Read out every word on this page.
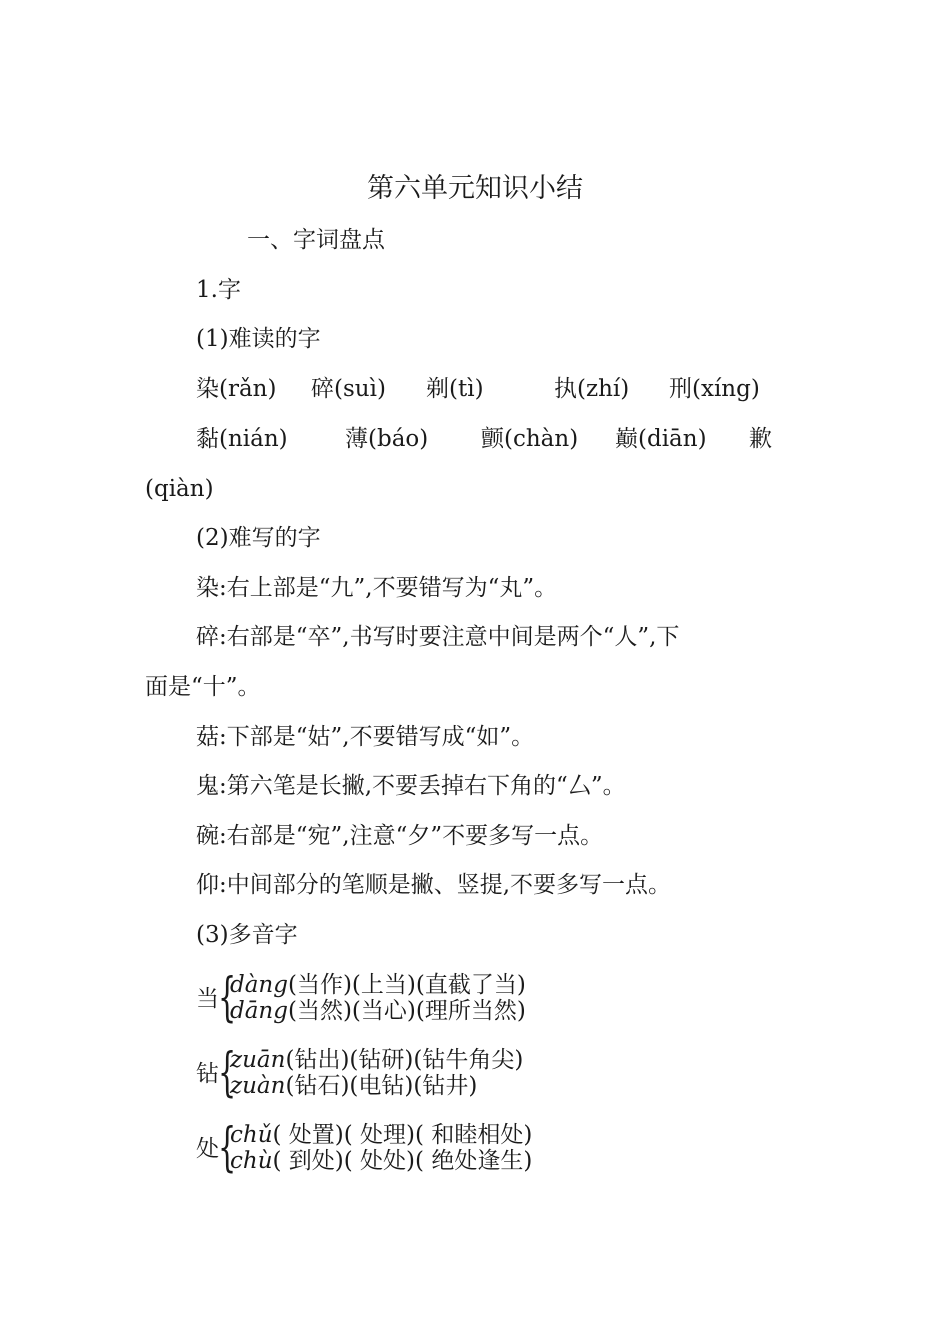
第六单元知识小结

一、字词盘点

1.字

(1)难读的字

染(rǎn) 碎(suì) 剃(tì)	执(zhí) 刑(xíng)

黏(nián) 薄(báo) 颤(chàn) 巅(diān) 歉

(qiàn)

(2)难写的字

染:右上部是“九”,不要错写为“丸”。

碎:右部是“卒”,书写时要注意中间是两个“人”,下

面是“十”。

菇:下部是“姑”,不要错写成“如”。

鬼:第六笔是长撇,不要丢掉右下角的“厶”。

碗:右部是“宛”,注意“夕”不要多写一点。

仰:中间部分的笔顺是撇、竖提,不要多写一点。

(3)多音字

当 {
dàng(当作)(上当)(直截了当)
dāng(当然)(当心)(理所当然)
钻 {
zuān(钻出)(钻研)(钻牛角尖)
zuàn(钻石)(电钻)(钻井)
处 {
chǔ( 处置)( 处理)( 和睦相处)
chù( 到处)( 处处)( 绝处逢生)
